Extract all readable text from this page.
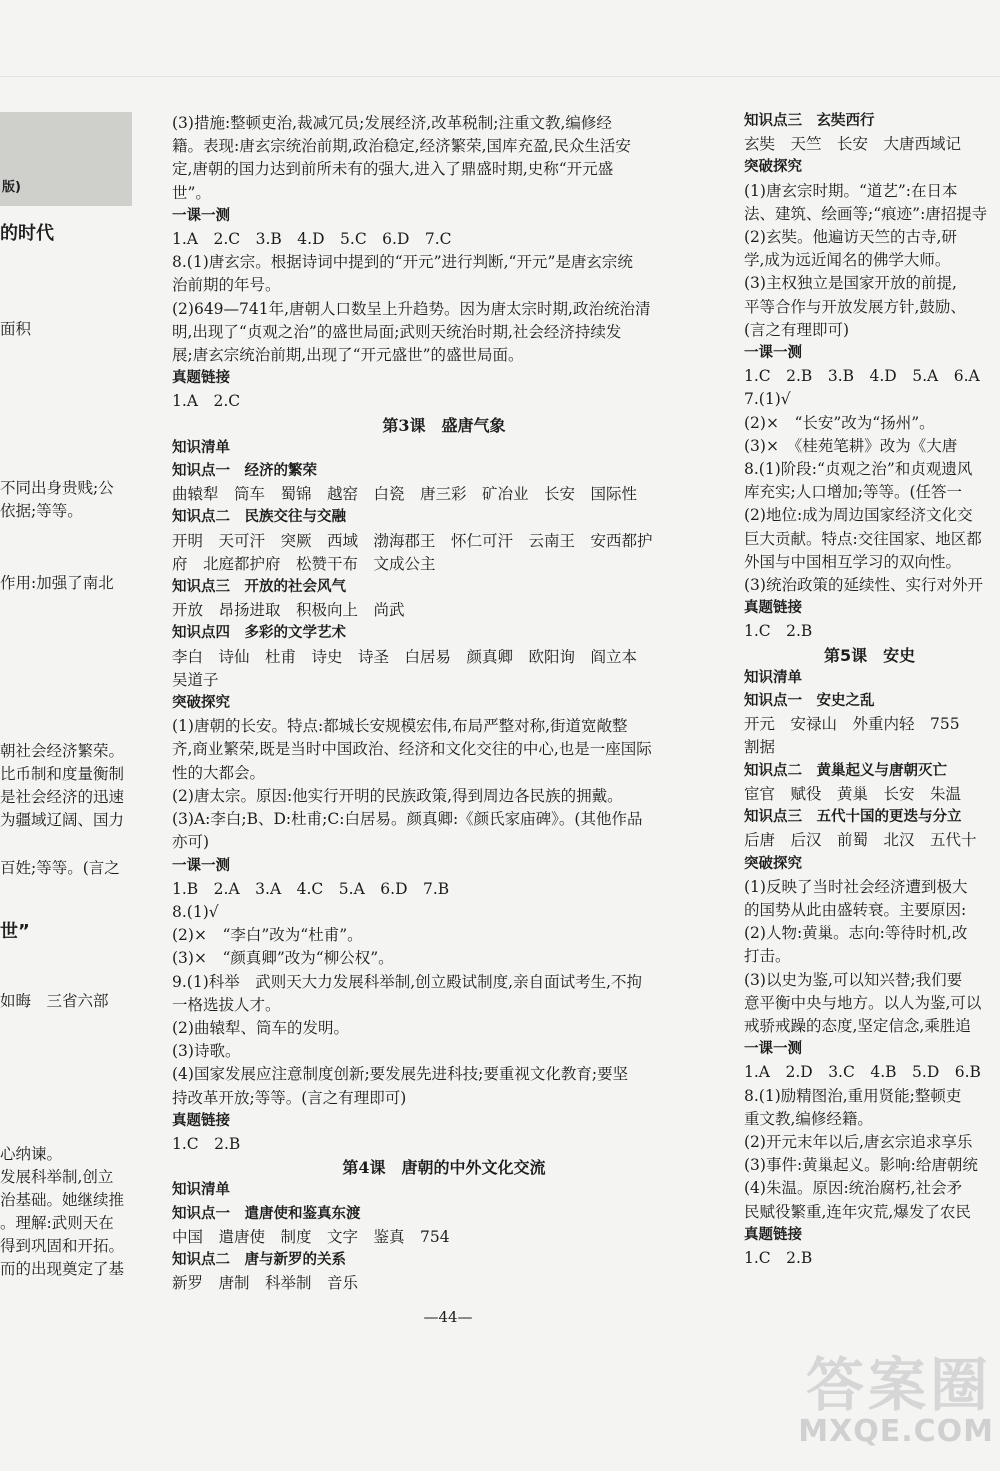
版)
的时代
面积
不同出身贵贱;公
依据;等等。
作用:加强了南北
朝社会经济繁荣。
比币制和度量衡制
是社会经济的迅速
为疆域辽阔、国力
百姓;等等。(言之
世”
如晦　三省六部
心纳谏。
发展科举制,创立
治基础。她继续推
。理解:武则天在
得到巩固和开拓。
而的出现奠定了基
(3)措施:整顿吏治,裁减冗员;发展经济,改革税制;注重文教,编修经
籍。表现:唐玄宗统治前期,政治稳定,经济繁荣,国库充盈,民众生活安
定,唐朝的国力达到前所未有的强大,进入了鼎盛时期,史称“开元盛
世”。
一课一测
1.A　2.C　3.B　4.D　5.C　6.D　7.C
8.(1)唐玄宗。根据诗词中提到的“开元”进行判断,“开元”是唐玄宗统
治前期的年号。
(2)649—741年,唐朝人口数呈上升趋势。因为唐太宗时期,政治统治清
明,出现了“贞观之治”的盛世局面;武则天统治时期,社会经济持续发
展;唐玄宗统治前期,出现了“开元盛世”的盛世局面。
真题链接
1.A　2.C
第3课　盛唐气象
知识清单
知识点一　经济的繁荣
曲辕犁　筒车　蜀锦　越窑　白瓷　唐三彩　矿冶业　长安　国际性
知识点二　民族交往与交融
开明　天可汗　突厥　西域　渤海郡王　怀仁可汗　云南王　安西都护
府　北庭都护府　松赞干布　文成公主
知识点三　开放的社会风气
开放　昂扬进取　积极向上　尚武
知识点四　多彩的文学艺术
李白　诗仙　杜甫　诗史　诗圣　白居易　颜真卿　欧阳询　阎立本
吴道子
突破探究
(1)唐朝的长安。特点:都城长安规模宏伟,布局严整对称,街道宽敞整
齐,商业繁荣,既是当时中国政治、经济和文化交往的中心,也是一座国际
性的大都会。
(2)唐太宗。原因:他实行开明的民族政策,得到周边各民族的拥戴。
(3)A:李白;B、D:杜甫;C:白居易。颜真卿:《颜氏家庙碑》。(其他作品
亦可)
一课一测
1.B　2.A　3.A　4.C　5.A　6.D　7.B
8.(1)√
(2)×　“李白”改为“杜甫”。
(3)×　“颜真卿”改为“柳公权”。
9.(1)科举　武则天大力发展科举制,创立殿试制度,亲自面试考生,不拘
一格选拔人才。
(2)曲辕犁、筒车的发明。
(3)诗歌。
(4)国家发展应注意制度创新;要发展先进科技;要重视文化教育;要坚
持改革开放;等等。(言之有理即可)
真题链接
1.C　2.B
第4课　唐朝的中外文化交流
知识清单
知识点一　遣唐使和鉴真东渡
中国　遣唐使　制度　文字　鉴真　754
知识点二　唐与新罗的关系
新罗　唐制　科举制　音乐
知识点三　玄奘西行
玄奘　天竺　长安　大唐西域记
突破探究
(1)唐玄宗时期。“道艺”:在日本
法、建筑、绘画等;“痕迹”:唐招提寺
(2)玄奘。他遍访天竺的古寺,研
学,成为远近闻名的佛学大师。
(3)主权独立是国家开放的前提,
平等合作与开放发展方针,鼓励、
(言之有理即可)
一课一测
1.C　2.B　3.B　4.D　5.A　6.A
7.(1)√
(2)×　“长安”改为“扬州”。
(3)×　《桂苑笔耕》改为《大唐
8.(1)阶段:“贞观之治”和贞观遗风
库充实;人口增加;等等。(任答一
(2)地位:成为周边国家经济文化交
巨大贡献。特点:交往国家、地区都
外国与中国相互学习的双向性。
(3)统治政策的延续性、实行对外开
真题链接
1.C　2.B
　　　　　第5课　安史
知识清单
知识点一　安史之乱
开元　安禄山　外重内轻　755
割据
知识点二　黄巢起义与唐朝灭亡
宦官　赋役　黄巢　长安　朱温
知识点三　五代十国的更迭与分立
后唐　后汉　前蜀　北汉　五代十
突破探究
(1)反映了当时社会经济遭到极大
的国势从此由盛转衰。主要原因:
(2)人物:黄巢。志向:等待时机,改
打击。
(3)以史为鉴,可以知兴替;我们要
意平衡中央与地方。以人为鉴,可以
戒骄戒躁的态度,坚定信念,乘胜追
一课一测
1.A　2.D　3.C　4.B　5.D　6.B
8.(1)励精图治,重用贤能;整顿吏
重文教,编修经籍。
(2)开元末年以后,唐玄宗追求享乐
(3)事件:黄巢起义。影响:给唐朝统
(4)朱温。原因:统治腐朽,社会矛
民赋役繁重,连年灾荒,爆发了农民
真题链接
1.C　2.B
—44—
答案圈
MXQE.COM
